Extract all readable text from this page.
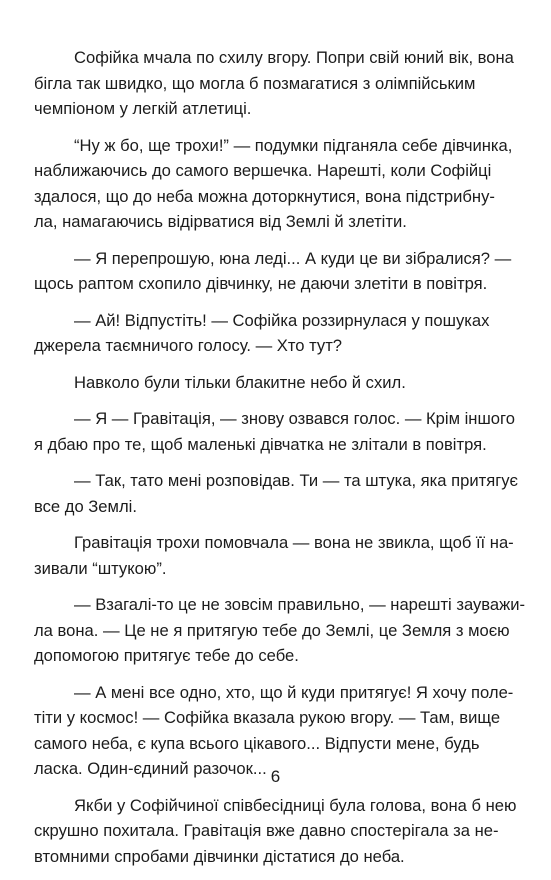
Софійка мчала по схилу вгору. Попри свій юний вік, вона
бігла так швидко, що могла б позмагатися з олімпійським
чемпіоном у легкій атлетиці.

“Ну ж бо, ще трохи!” — подумки підганяла себе дівчинка,
наближаючись до самого вершечка. Нарешті, коли Софійці
здалося, що до неба можна доторкнутися, вона підстрибну-
ла, намагаючись відірватися від Землі й злетіти.

— Я перепрошую, юна леді... А куди це ви зібралися? —
щось раптом схопило дівчинку, не даючи злетіти в повітря.

— Ай! Відпустіть! — Софійка роззирнулася у пошуках
джерела таємничого голосу. — Хто тут?

Навколо були тільки блакитне небо й схил.

— Я — Гравітація, — знову озвався голос. — Крім іншого
я дбаю про те, щоб маленькі дівчатка не злітали в повітря.

— Так, тато мені розповідав. Ти — та штука, яка притягує
все до Землі.

Гравітація трохи помовчала — вона не звикла, щоб її на-
зивали “штукою”.

— Взагалі-то це не зовсім правильно, — нарешті зауважи-
ла вона. — Це не я притягую тебе до Землі, це Земля з моєю
допомогою притягує тебе до себе.

— А мені все одно, хто, що й куди притягує! Я хочу поле-
тіти у космос! — Софійка вказала рукою вгору. — Там, вище
самого неба, є купа всього цікавого... Відпусти мене, будь
ласка. Один-єдиний разочок...

Якби у Софійчиної співбесідниці була голова, вона б нею
скрушно похитала. Гравітація вже давно спостерігала за не-
втомними спробами дівчинки дістатися до неба.

6
